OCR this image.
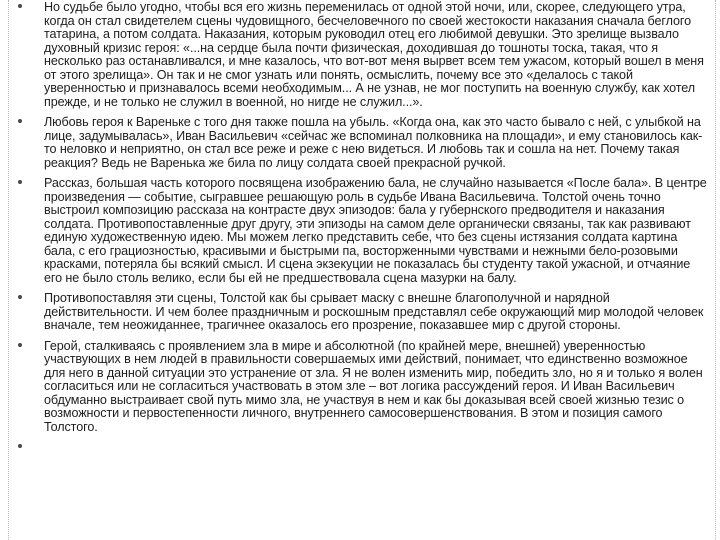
Но судьбе было угодно, чтобы вся его жизнь переменилась от одной этой ночи, или, скорее, следующего утра, когда он стал свидетелем сцены чудовищного, бесчеловечного по своей жестокости наказания сначала беглого татарина, а потом солдата. Наказания, которым руководил отец его любимой девушки. Это зрелище вызвало духовный кризис героя: «...на сердце была почти физическая, доходившая до тошноты тоска, такая, что я несколько раз останавливался, и мне казалось, что вот-вот меня вырвет всем тем ужасом, который вошел в меня от этого зрелища». Он так и не смог узнать или понять, осмыслить, почему все это «делалось с такой уверенностью и признавалось всеми необходимым... А не узнав, не мог поступить на военную службу, как хотел прежде, и не только не служил в военной, но нигде не служил...».
Любовь героя к Вареньке с того дня также пошла на убыль. «Когда она, как это часто бывало с ней, с улыбкой на лице, задумывалась», Иван Васильевич «сейчас же вспоминал полковника на площади», и ему становилось как-то неловко и неприятно, он стал все реже и реже с нею видеться. И любовь так и сошла на нет. Почему такая реакция? Ведь не Варенька же била по лицу солдата своей прекрасной ручкой.
Рассказ, большая часть которого посвящена изображению бала, не случайно называется «После бала». В центре произведения — событие, сыгравшее решающую роль в судьбе Ивана Васильевича. Толстой очень точно выстроил композицию рассказа на контрасте двух эпизодов: бала у губернского предводителя и наказания солдата. Противопоставленные друг другу, эти эпизоды на самом деле органически связаны, так как развивают единую художественную идею. Мы можем легко представить себе, что без сцены истязания солдата картина бала, с его грациозностью, красивыми и быстрыми па, восторженными чувствами и нежными бело-розовыми красками, потеряла бы всякий смысл. И сцена экзекуции не показалась бы студенту такой ужасной, и отчаяние его не было столь велико, если бы ей не предшествовала сцена мазурки на балу.
Противопоставляя эти сцены, Толстой как бы срывает маску с внешне благополучной и нарядной действительности. И чем более праздничным и роскошным представлял себе окружающий мир молодой человек вначале, тем неожиданнее, трагичнее оказалось его прозрение, показавшее мир с другой стороны.
Герой, сталкиваясь с проявлением зла в мире и абсолютной (по крайней мере, внешней) уверенностью участвующих в нем людей в правильности совершаемых ими действий, понимает, что единственно возможное для него в данной ситуации это устранение от зла. Я не волен изменить мир, победить зло, но я и только я волен согласиться или не согласиться участвовать в этом зле – вот логика рассуждений героя. И Иван Васильевич обдуманно выстраивает свой путь мимо зла, не участвуя в нем и как бы доказывая всей своей жизнью тезис о возможности и первостепенности личного, внутреннего самосовершенствования. В этом и позиция самого Толстого.
